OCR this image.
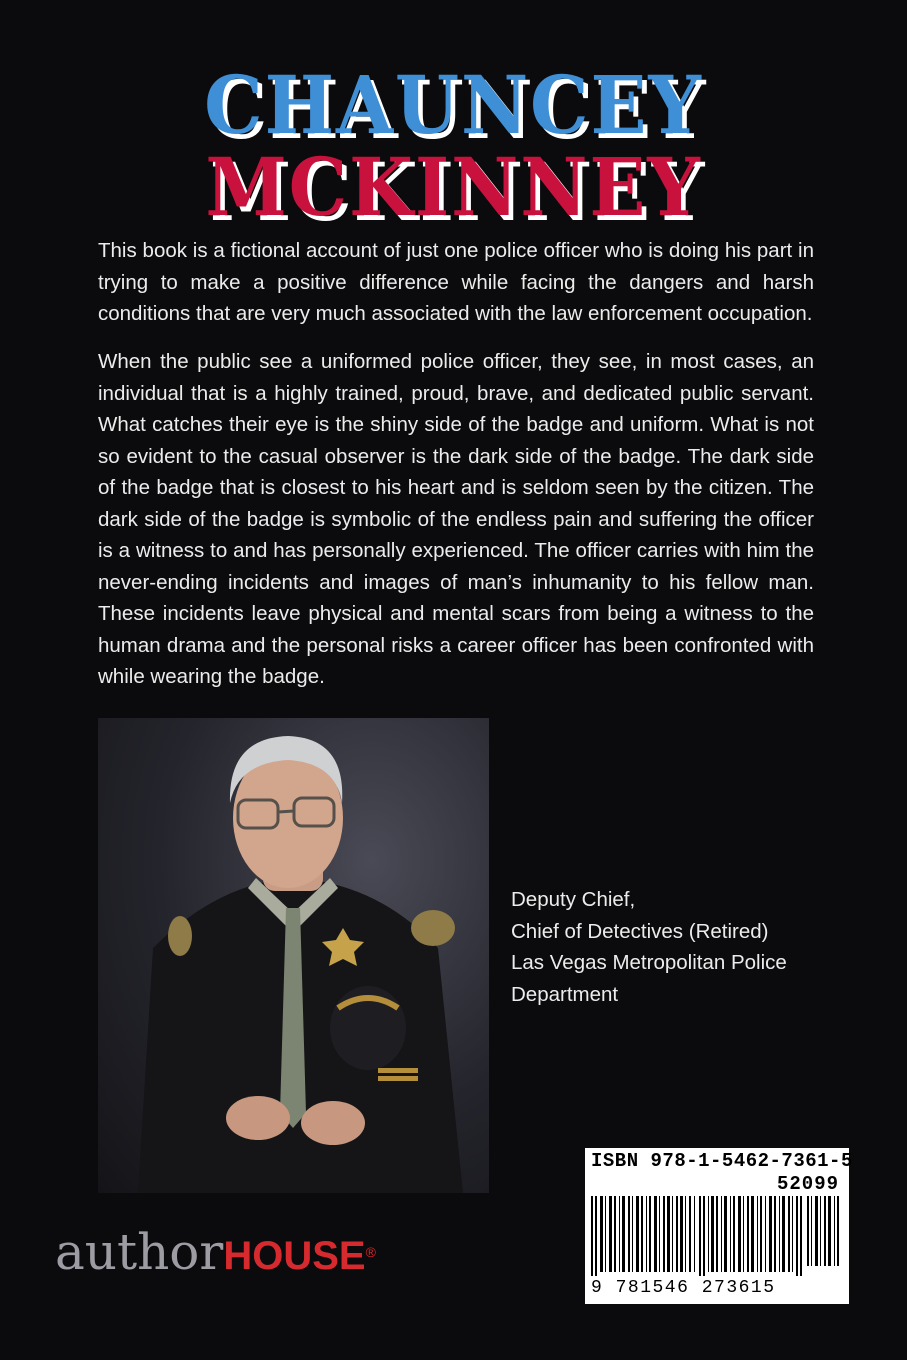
CHAUNCEY
MCKINNEY

This book is a fictional account of just one police officer who is doing his part in trying to make a positive difference while facing the dangers and harsh conditions that are very much associated with the law enforcement occupation.

When the public see a uniformed police officer, they see, in most cases, an individual that is a highly trained, proud, brave, and dedicated public servant. What catches their eye is the shiny side of the badge and uniform. What is not so evident to the casual observer is the dark side of the badge. The dark side of the badge that is closest to his heart and is seldom seen by the citizen. The dark side of the badge is symbolic of the endless pain and suffering the officer is a witness to and has personally experienced. The officer carries with him the never-ending incidents and images of man’s inhumanity to his fellow man. These incidents leave physical and mental scars from being a witness to the human drama and the personal risks a career officer has been confronted with while wearing the badge.

Deputy Chief,
Chief of Detectives (Retired)
Las Vegas Metropolitan Police
Department

authorHOUSE®

ISBN 978-1-5462-7361-5

52099

9 781546 273615
